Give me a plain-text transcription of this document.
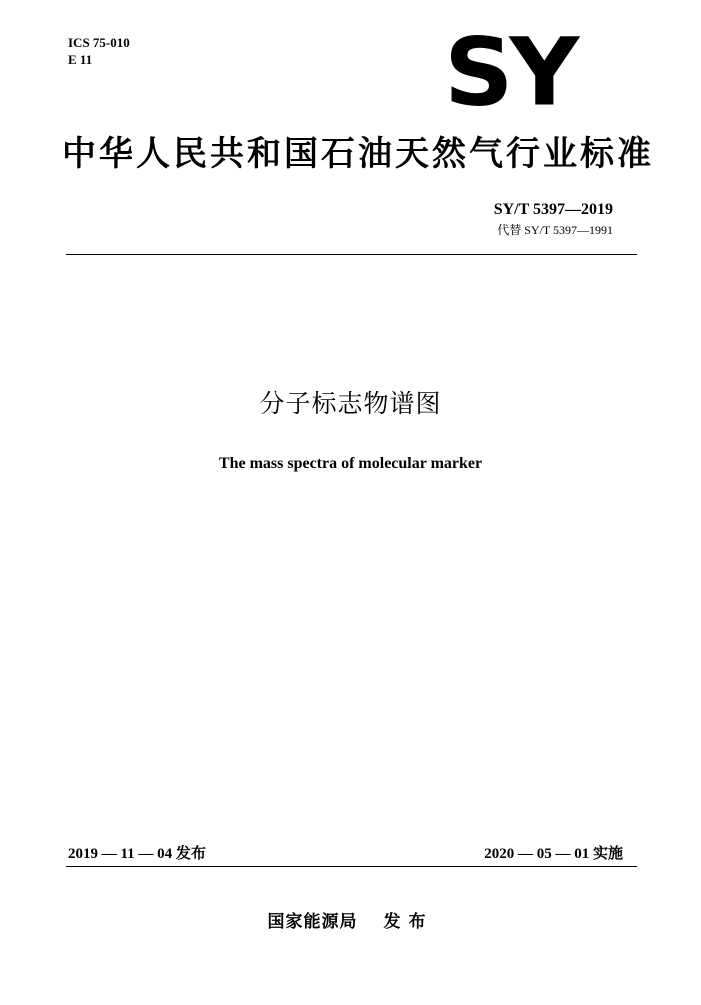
ICS 75-010
E 11	SY
中华人民共和国石油天然气行业标准
SY/T 5397—2019
代替 SY/T 5397—1991
分子标志物谱图
The mass spectra of molecular marker
2019 — 11 — 04 发布	2020 — 05 — 01 实施
国家能源局 发布
